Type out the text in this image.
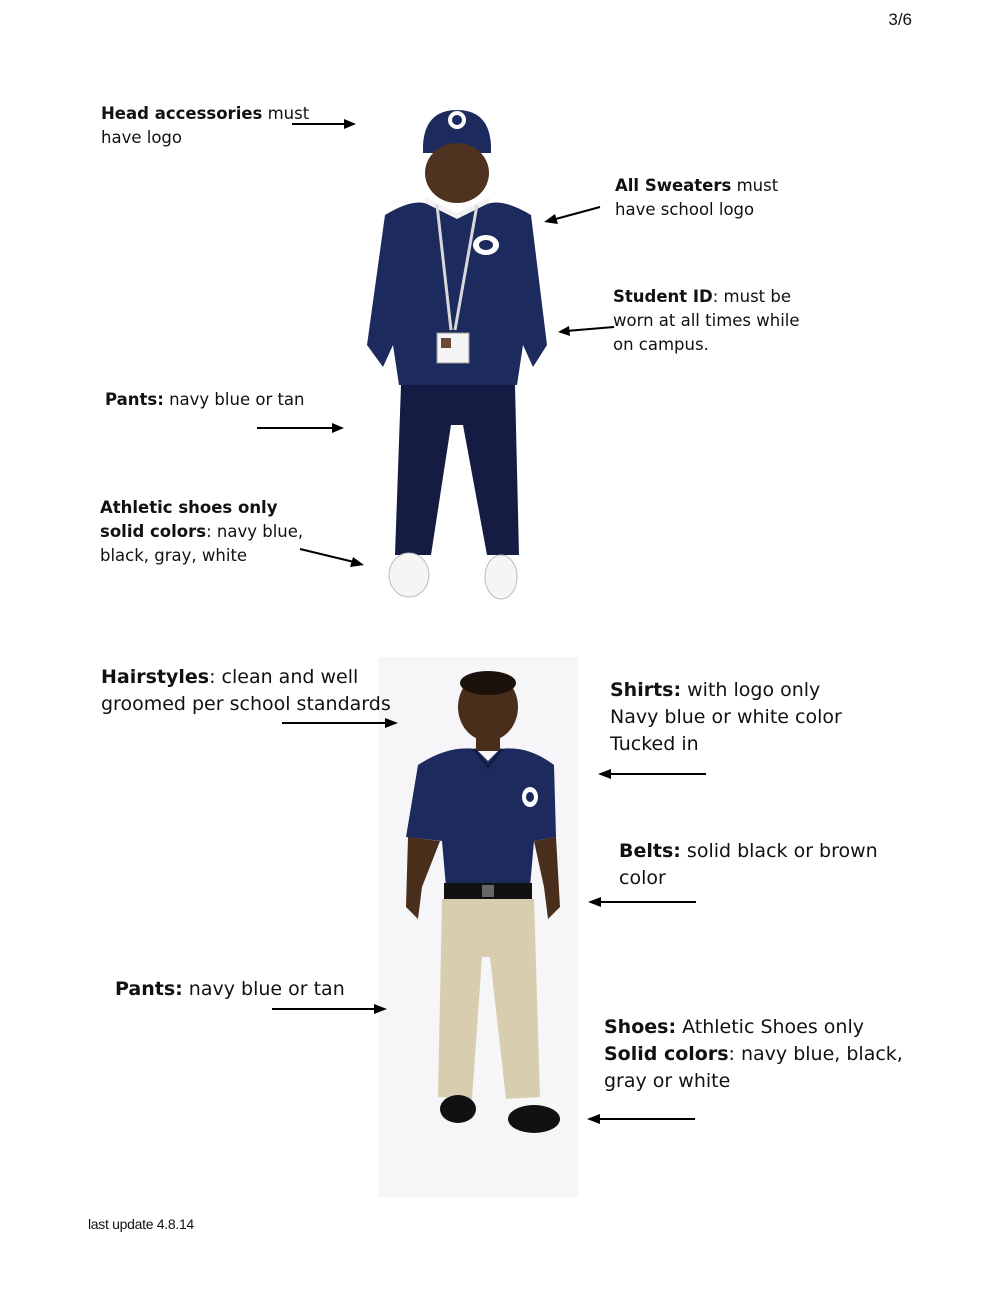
3/6
Head accessories must
have logo
All Sweaters must
have school logo
Student ID: must be
worn at all times while
on campus.
Pants: navy blue or tan
Athletic shoes only
solid colors: navy blue,
black, gray, white
Hairstyles: clean and well
groomed per school standards
Shirts: with logo only
Navy blue or white color
Tucked in
Belts: solid black or brown
color
Pants: navy blue or tan
Shoes: Athletic Shoes only
Solid colors: navy blue, black,
gray or white
last update 4.8.14
